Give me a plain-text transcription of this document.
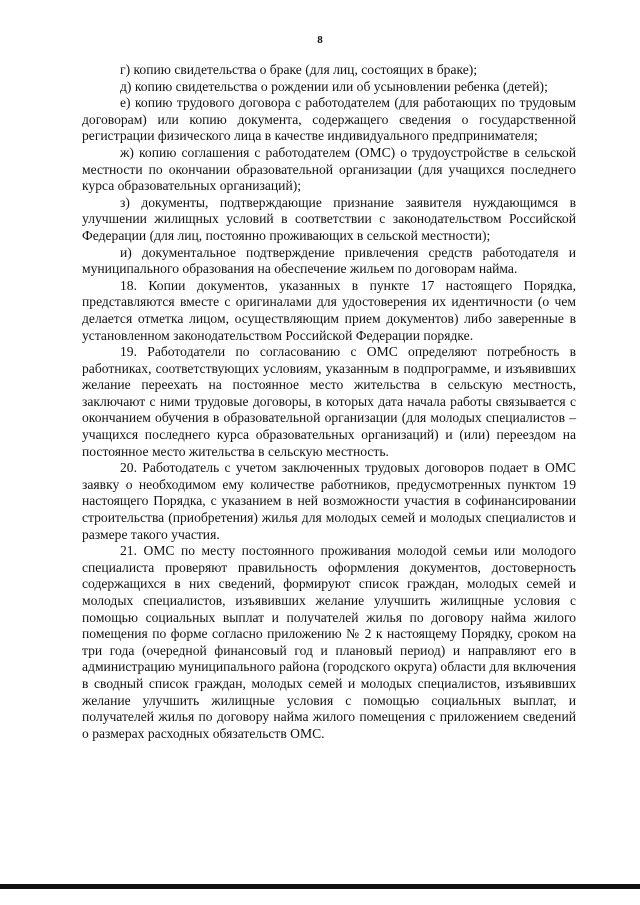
8

г) копию свидетельства о браке (для лиц, состоящих в браке);

д) копию свидетельства о рождении или об усыновлении ребенка (детей);

е) копию трудового договора с работодателем (для работающих по трудовым договорам) или копию документа, содержащего сведения о государственной регистрации физического лица в качестве индивидуального предпринимателя;

ж) копию соглашения с работодателем (ОМС) о трудоустройстве в сельской местности по окончании образовательной организации (для учащихся последнего курса образовательных организаций);

з) документы, подтверждающие признание заявителя нуждающимся в улучшении жилищных условий в соответствии с законодательством Российской Федерации (для лиц, постоянно проживающих в сельской местности);

и) документальное подтверждение привлечения средств работодателя и муниципального образования на обеспечение жильем по договорам найма.

18. Копии документов, указанных в пункте 17 настоящего Порядка, представляются вместе с оригиналами для удостоверения их идентичности (о чем делается отметка лицом, осуществляющим прием документов) либо заверенные в установленном законодательством Российской Федерации порядке.

19. Работодатели по согласованию с ОМС определяют потребность в работниках, соответствующих условиям, указанным в подпрограмме, и изъявивших желание переехать на постоянное место жительства в сельскую местность, заключают с ними трудовые договоры, в которых дата начала работы связывается с окончанием обучения в образовательной организации (для молодых специалистов – учащихся последнего курса образовательных организаций) и (или) переездом на постоянное место жительства в сельскую местность.

20. Работодатель с учетом заключенных трудовых договоров подает в ОМС заявку о необходимом ему количестве работников, предусмотренных пунктом 19 настоящего Порядка, с указанием в ней возможности участия в софинансировании строительства (приобретения) жилья для молодых семей и молодых специалистов и размере такого участия.

21. ОМС по месту постоянного проживания молодой семьи или молодого специалиста проверяют правильность оформления документов, достоверность содержащихся в них сведений, формируют список граждан, молодых семей и молодых специалистов, изъявивших желание улучшить жилищные условия с помощью социальных выплат и получателей жилья по договору найма жилого помещения по форме согласно приложению № 2 к настоящему Порядку, сроком на три года (очередной финансовый год и плановый период) и направляют его в администрацию муниципального района (городского округа) области для включения в сводный список граждан, молодых семей и молодых специалистов, изъявивших желание улучшить жилищные условия с помощью социальных выплат, и получателей жилья по договору найма жилого помещения с приложением сведений о размерах расходных обязательств ОМС.
